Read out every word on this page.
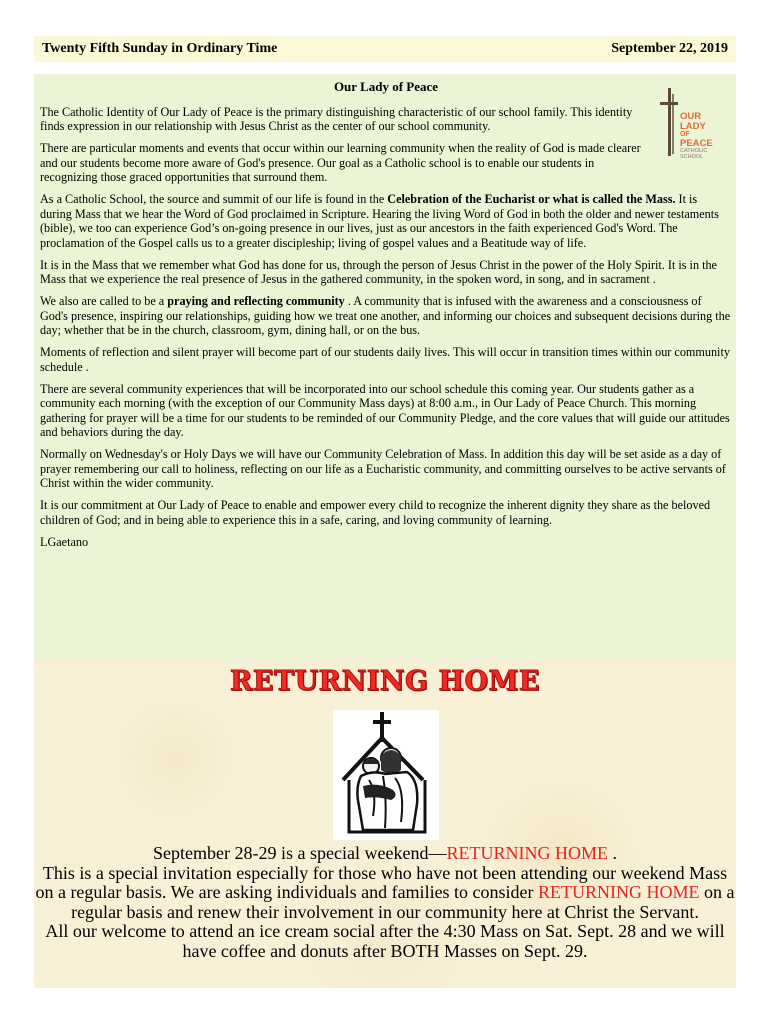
Twenty Fifth Sunday in Ordinary Time	September 22, 2019
Our Lady of Peace
OUR
LADY
OF
PEACE
CATHOLIC
SCHOOL

The Catholic Identity of Our Lady of Peace is the primary distinguishing characteristic of our school family. This identity finds expression in our relationship with Jesus Christ as the center of our school community.

There are particular moments and events that occur within our learning community when the reality of God is made clearer and our students become more aware of God's presence. Our goal as a Catholic school is to enable our students in recognizing those graced opportunities that surround them.

As a Catholic School, the source and summit of our life is found in the Celebration of the Eucharist or what is called the Mass. It is during Mass that we hear the Word of God proclaimed in Scripture. Hearing the living Word of God in both the older and newer testaments (bible), we too can experience God’s on-going presence in our lives, just as our ancestors in the faith experienced God's Word. The proclamation of the Gospel calls us to a greater discipleship; living of gospel values and a Beatitude way of life.

It is in the Mass that we remember what God has done for us, through the person of Jesus Christ in the power of the Holy Spirit. It is in the Mass that we experience the real presence of Jesus in the gathered community, in the spoken word, in song, and in sacrament .

We also are called to be a praying and reflecting community . A community that is infused with the awareness and a consciousness of God's presence, inspiring our relationships, guiding how we treat one another, and informing our choices and subsequent decisions during the day; whether that be in the church, classroom, gym, dining hall, or on the bus.

Moments of reflection and silent prayer will become part of our students daily lives. This will occur in transition times within our community schedule .

There are several community experiences that will be incorporated into our school schedule this coming year. Our students gather as a community each morning (with the exception of our Community Mass days) at 8:00 a.m., in Our Lady of Peace Church. This morning gathering for prayer will be a time for our students to be reminded of our Community Pledge, and the core values that will guide our attitudes and behaviors during the day.

Normally on Wednesday's or Holy Days we will have our Community Celebration of Mass. In addition this day will be set aside as a day of prayer remembering our call to holiness, reflecting on our life as a Eucharistic community, and committing ourselves to be active servants of Christ within the wider community.

It is our commitment at Our Lady of Peace to enable and empower every child to recognize the inherent dignity they share as the beloved children of God; and in being able to experience this in a safe, caring, and loving community of learning.

LGaetano

RETURNING HOME
September 28-29 is a special weekend—RETURNING HOME .
This is a special invitation especially for those who have not been attending our weekend Mass on a regular basis. We are asking individuals and families to consider RETURNING HOME on a regular basis and renew their involvement in our community here at Christ the Servant.
All our welcome to attend an ice cream social after the 4:30 Mass on Sat. Sept. 28 and we will have coffee and donuts after BOTH Masses on Sept. 29.
